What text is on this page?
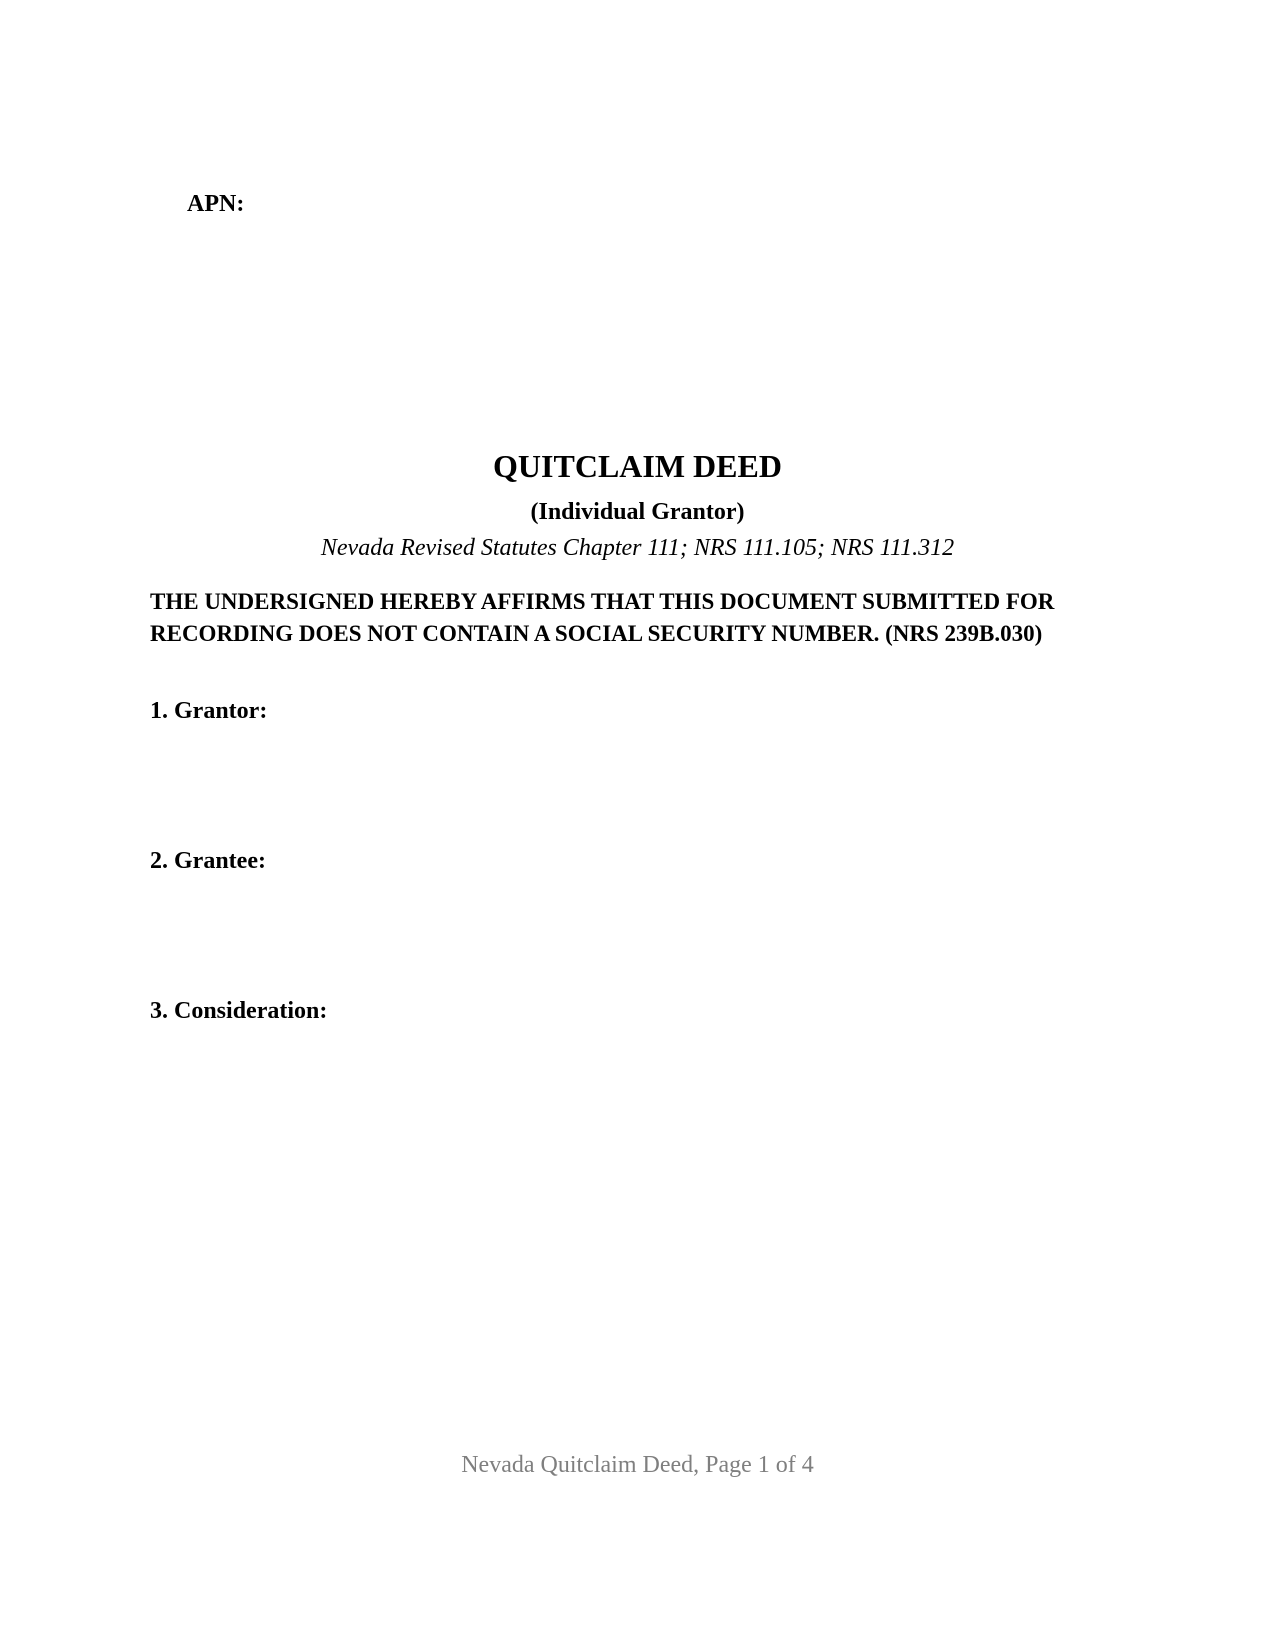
APN:

QUITCLAIM DEED

(Individual Grantor)

Nevada Revised Statutes Chapter 111; NRS 111.105; NRS 111.312

THE UNDERSIGNED HEREBY AFFIRMS THAT THIS DOCUMENT SUBMITTED FOR RECORDING DOES NOT CONTAIN A SOCIAL SECURITY NUMBER. (NRS 239B.030)

1. Grantor:

2. Grantee:

3. Consideration:

Nevada Quitclaim Deed, Page 1 of 4
